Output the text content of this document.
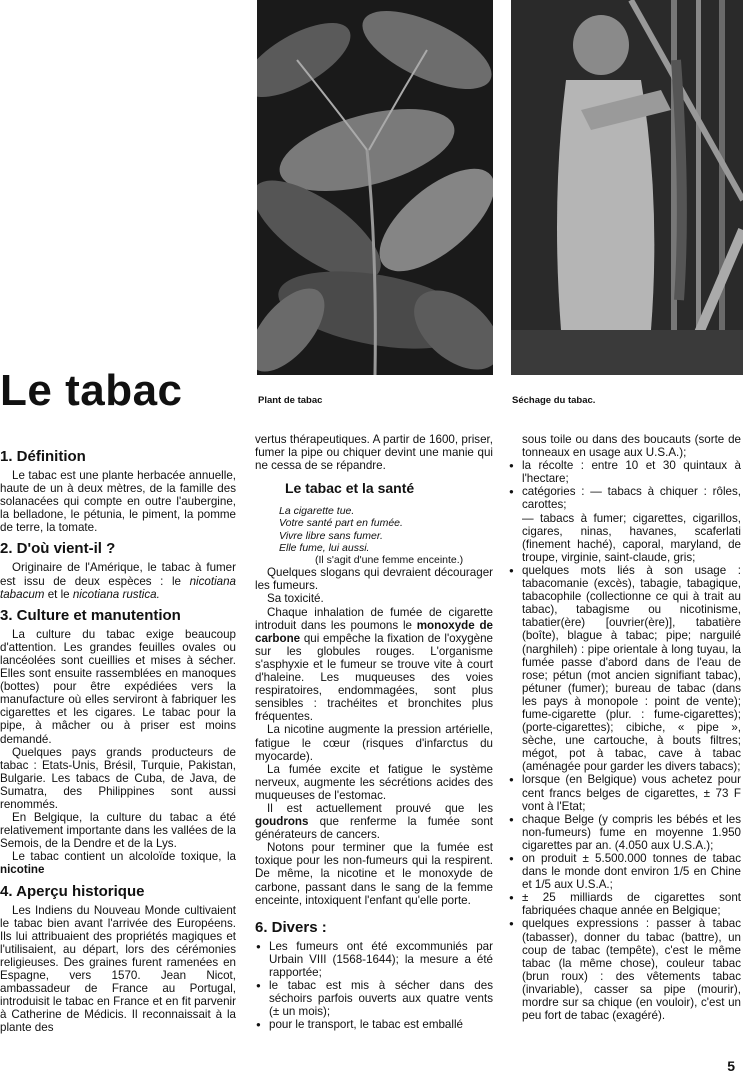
Plant de tabac	Séchage du tabac.
Le tabac
1. Définition

Le tabac est une plante herbacée annuelle, haute de un à deux mètres, de la famille des solanacées qui compte en outre l'aubergine, la belladone, le pétunia, le piment, la pomme de terre, la tomate.

2. D'où vient-il ?

Originaire de l'Amérique, le tabac à fumer est issu de deux espèces : le nicotiana tabacum et le nicotiana rustica.

3. Culture et manutention

La culture du tabac exige beaucoup d'attention. Les grandes feuilles ovales ou lancéolées sont cueillies et mises à sécher. Elles sont ensuite rassemblées en manoques (bottes) pour être expédiées vers la manufacture où elles serviront à fabriquer les cigarettes et les cigares. Le tabac pour la pipe, à mâcher ou à priser est moins demandé.

Quelques pays grands producteurs de tabac : Etats-Unis, Brésil, Turquie, Pakistan, Bulgarie. Les tabacs de Cuba, de Java, de Sumatra, des Philippines sont aussi renommés.

En Belgique, la culture du tabac a été relativement importante dans les vallées de la Semois, de la Dendre et de la Lys.

Le tabac contient un alcoloïde toxique, la nicotine

4. Aperçu historique

Les Indiens du Nouveau Monde cultivaient le tabac bien avant l'arrivée des Européens. Ils lui attribuaient des propriétés magiques et l'utilisaient, au départ, lors des cérémonies religieuses. Des graines furent ramenées en Espagne, vers 1570. Jean Nicot, ambassadeur de France au Portugal, introduisit le tabac en France et en fit parvenir à Catherine de Médicis. Il reconnaissait à la plante des

vertus thérapeutiques. A partir de 1600, priser, fumer la pipe ou chiquer devint une manie qui ne cessa de se répandre.

Le tabac et la santé
La cigarette tue.
Votre santé part en fumée.
Vivre libre sans fumer.
Elle fume, lui aussi.
(Il s'agit d'une femme enceinte.)

Quelques slogans qui devraient décourager les fumeurs.

Sa toxicité.

Chaque inhalation de fumée de cigarette introduit dans les poumons le monoxyde de carbone qui empêche la fixation de l'oxygène sur les globules rouges. L'organisme s'asphyxie et le fumeur se trouve vite à court d'haleine. Les muqueuses des voies respiratoires, endommagées, sont plus sensibles : trachéites et bronchites plus fréquentes.

La nicotine augmente la pression artérielle, fatigue le cœur (risques d'infarctus du myocarde).

La fumée excite et fatigue le système nerveux, augmente les sécrétions acides des muqueuses de l'estomac.

Il est actuellement prouvé que les goudrons que renferme la fumée sont générateurs de cancers.

Notons pour terminer que la fumée est toxique pour les non-fumeurs qui la respirent. De même, la nicotine et le monoxyde de carbone, passant dans le sang de la femme enceinte, intoxiquent l'enfant qu'elle porte.

6. Divers :
● Les fumeurs ont été excommuniés par Urbain VIII (1568-1644); la mesure a été rapportée;
● le tabac est mis à sécher dans des séchoirs parfois ouverts aux quatre vents (± un mois);
● pour le transport, le tabac est emballé
sous toile ou dans des boucauts (sorte de tonneaux en usage aux U.S.A.);
● la récolte : entre 10 et 30 quintaux à l'hectare;
● catégories : — tabacs à chiquer : rôles, carottes;
— tabacs à fumer; cigarettes, cigarillos, cigares, ninas, havanes, scaferlati (finement haché), caporal, maryland, de troupe, virginie, saint-claude, gris;
● quelques mots liés à son usage : tabacomanie (excès), tabagie, tabagique, tabacophile (collectionne ce qui à trait au tabac), tabagisme ou nicotinisme, tabatier(ère) [ouvrier(ère)], tabatière (boîte), blague à tabac; pipe; narguilé (narghileh) : pipe orientale à long tuyau, la fumée passe d'abord dans de l'eau de rose; pétun (mot ancien signifiant tabac), pétuner (fumer); bureau de tabac (dans les pays à monopole : point de vente); fume-cigarette (plur. : fume-cigarettes); (porte-cigarettes); cibiche, « pipe », sèche, une cartouche, à bouts filtres; mégot, pot à tabac, cave à tabac (aménagée pour garder les divers tabacs);
● lorsque (en Belgique) vous achetez pour cent francs belges de cigarettes, ± 73 F vont à l'Etat;
● chaque Belge (y compris les bébés et les non-fumeurs) fume en moyenne 1.950 cigarettes par an. (4.050 aux U.S.A.);
● on produit ± 5.500.000 tonnes de tabac dans le monde dont environ 1/5 en Chine et 1/5 aux U.S.A.;
● ± 25 milliards de cigarettes sont fabriquées chaque année en Belgique;
● quelques expressions : passer à tabac (tabasser), donner du tabac (battre), un coup de tabac (tempête), c'est le même tabac (la même chose), couleur tabac (brun roux) : des vêtements tabac (invariable), casser sa pipe (mourir), mordre sur sa chique (en vouloir), c'est un peu fort de tabac (exagéré).
5
